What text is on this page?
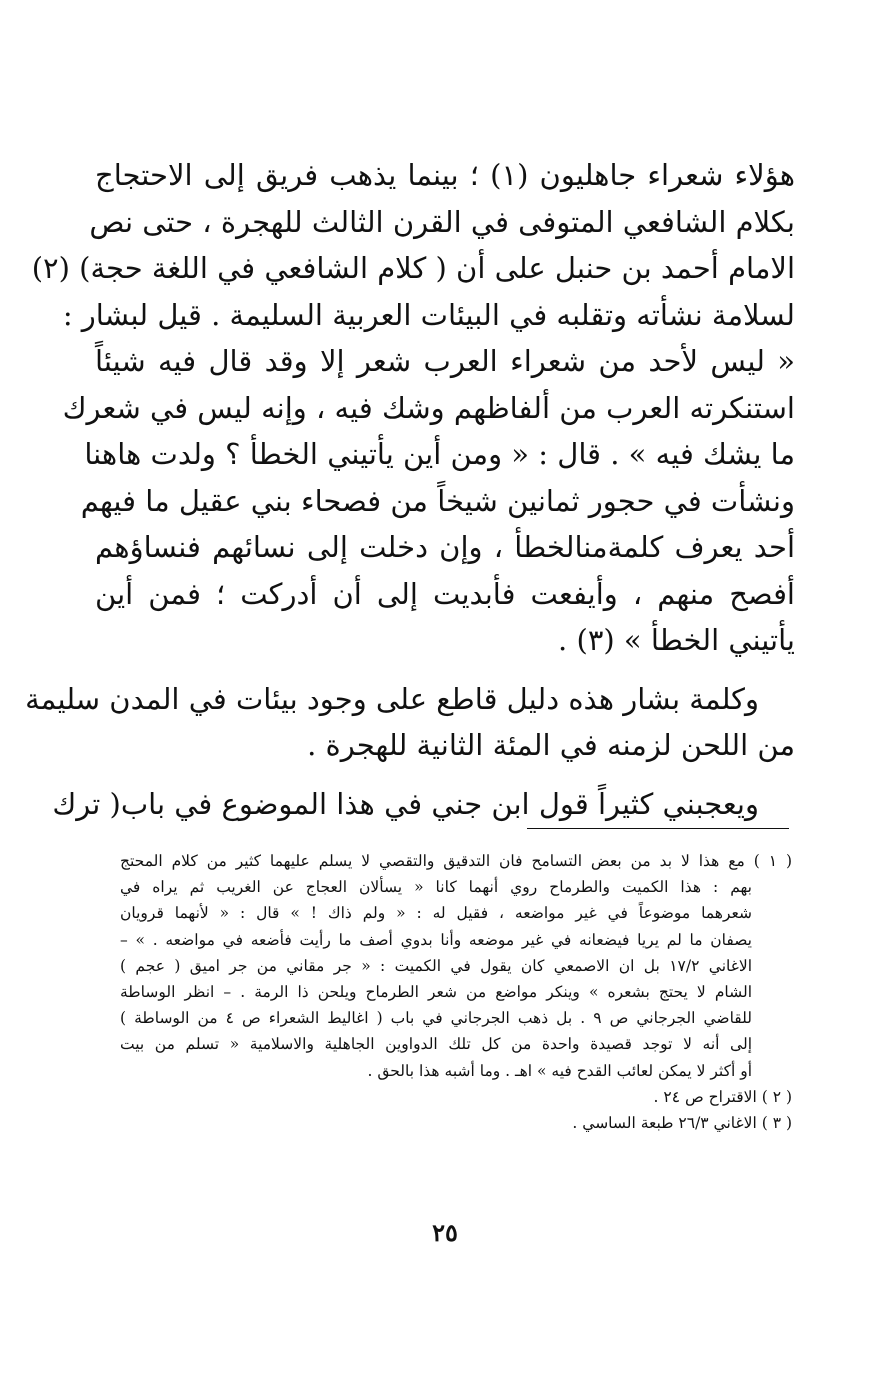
هؤلاء شعراء جاهليون (١) ؛ بينما يذهب فريق إلى الاحتجاج
بكلام الشافعي المتوفى في القرن الثالث للهجرة ، حتى نص
الامام أحمد بن حنبل على أن ( كلام الشافعي في اللغة حجة) (٢)
لسلامة نشأته وتقلبه في البيئات العربية السليمة . قيل لبشار :
« ليس لأحد من شعراء العرب شعر إلا وقد قال فيه شيئاً
استنكرته العرب من ألفاظهم وشك فيه ، وإنه ليس في شعرك
ما يشك فيه » . قال : « ومن أين يأتيني الخطأ ؟ ولدت هاهنا
ونشأت في حجور ثمانين شيخاً من فصحاء بني عقيل ما فيهم
أحد يعرف كلمةمنالخطأ ، وإن دخلت إلى نسائهم فنساؤهم
أفصح منهم ، وأيفعت فأبديت إلى أن أدركت ؛ فمن أين
يأتيني الخطأ » (٣) .
وكلمة بشار هذه دليل قاطع على وجود بيئات في المدن سليمة
من اللحن لزمنه في المئة الثانية للهجرة .
ويعجبني كثيراً قول ابن جني في هذا الموضوع في باب( ترك
( ١ ) مع هذا لا بد من بعض التسامح فان التدقيق والتقصي لا يسلم عليهما كثير من كلام المحتج
بهم : هذا الكميت والطرماح روي أنهما كانا « يسألان العجاج عن الغريب ثم يراه في
شعرهما موضوعاً في غير مواضعه ، فقيل له : « ولم ذاك ! » قال : « لأنهما قرويان
يصفان ما لم يريا فيضعانه في غير موضعه وأنا بدوي أصف ما رأيت فأضعه في مواضعه . » –
الاغاني ١٧/٢ بل ان الاصمعي كان يقول في الكميت : « جر مقاني من جر اميق ( عجم )
الشام لا يحتج بشعره » وينكر مواضع من شعر الطرماح ويلحن ذا الرمة . – انظر الوساطة
للقاضي الجرجاني ص ٩ . بل ذهب الجرجاني في باب ( اغاليط الشعراء ص ٤ من الوساطة )
إلى أنه لا توجد قصيدة واحدة من كل تلك الدواوين الجاهلية والاسلامية « تسلم من بيت
أو أكثر لا يمكن لعائب القدح فيه » اهـ . وما أشبه هذا بالحق .
( ٢ ) الاقتراح ص ٢٤ .
( ٣ ) الاغاني ٢٦/٣ طبعة الساسي .
٢٥
